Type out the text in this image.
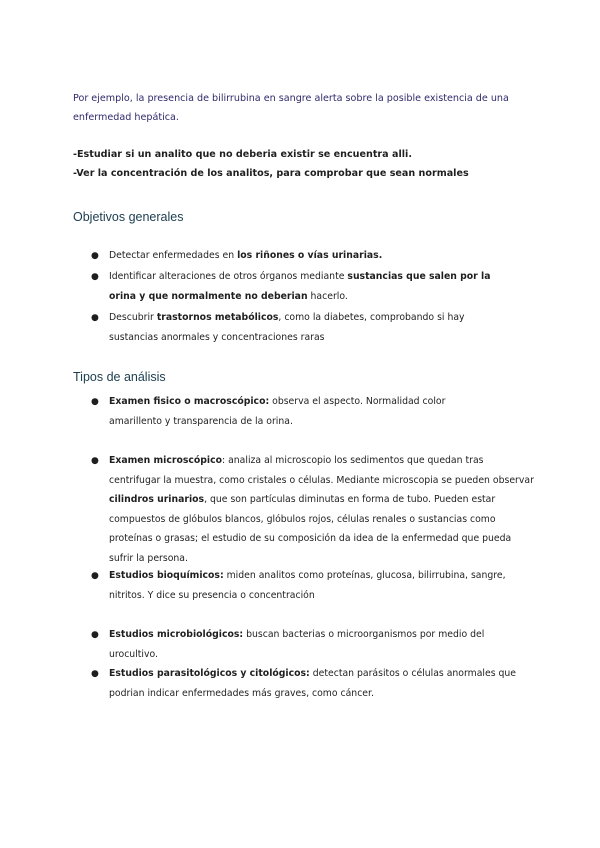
Por ejemplo, la presencia de bilirrubina en sangre alerta sobre la posible existencia de una enfermedad hepática.
-Estudiar si un analito que no deberia existir se encuentra alli.
-Ver la concentración de los analitos, para comprobar que sean normales
Objetivos generales
● Detectar enfermedades en los riñones o vías urinarias.
● Identificar alteraciones de otros órganos mediante sustancias que salen por la orina y que normalmente no deberian hacerlo.
● Descubrir trastornos metabólicos, como la diabetes, comprobando si hay sustancias anormales y concentraciones raras
Tipos de análisis
● Examen fisico o macroscópico: observa el aspecto. Normalidad color amarillento y transparencia de la orina.
● Examen microscópico: analiza al microscopio los sedimentos que quedan tras centrifugar la muestra, como cristales o células. Mediante microscopia se pueden observar cilindros urinarios, que son partículas diminutas en forma de tubo. Pueden estar compuestos de glóbulos blancos, glóbulos rojos, células renales o sustancias como proteínas o grasas; el estudio de su composición da idea de la enfermedad que pueda sufrir la persona.
● Estudios bioquímicos: miden analitos como proteínas, glucosa, bilirrubina, sangre, nitritos. Y dice su presencia o concentración
● Estudios microbiológicos: buscan bacterias o microorganismos por medio del urocultivo.
● Estudios parasitológicos y citológicos: detectan parásitos o células anormales que podrian indicar enfermedades más graves, como cáncer.
